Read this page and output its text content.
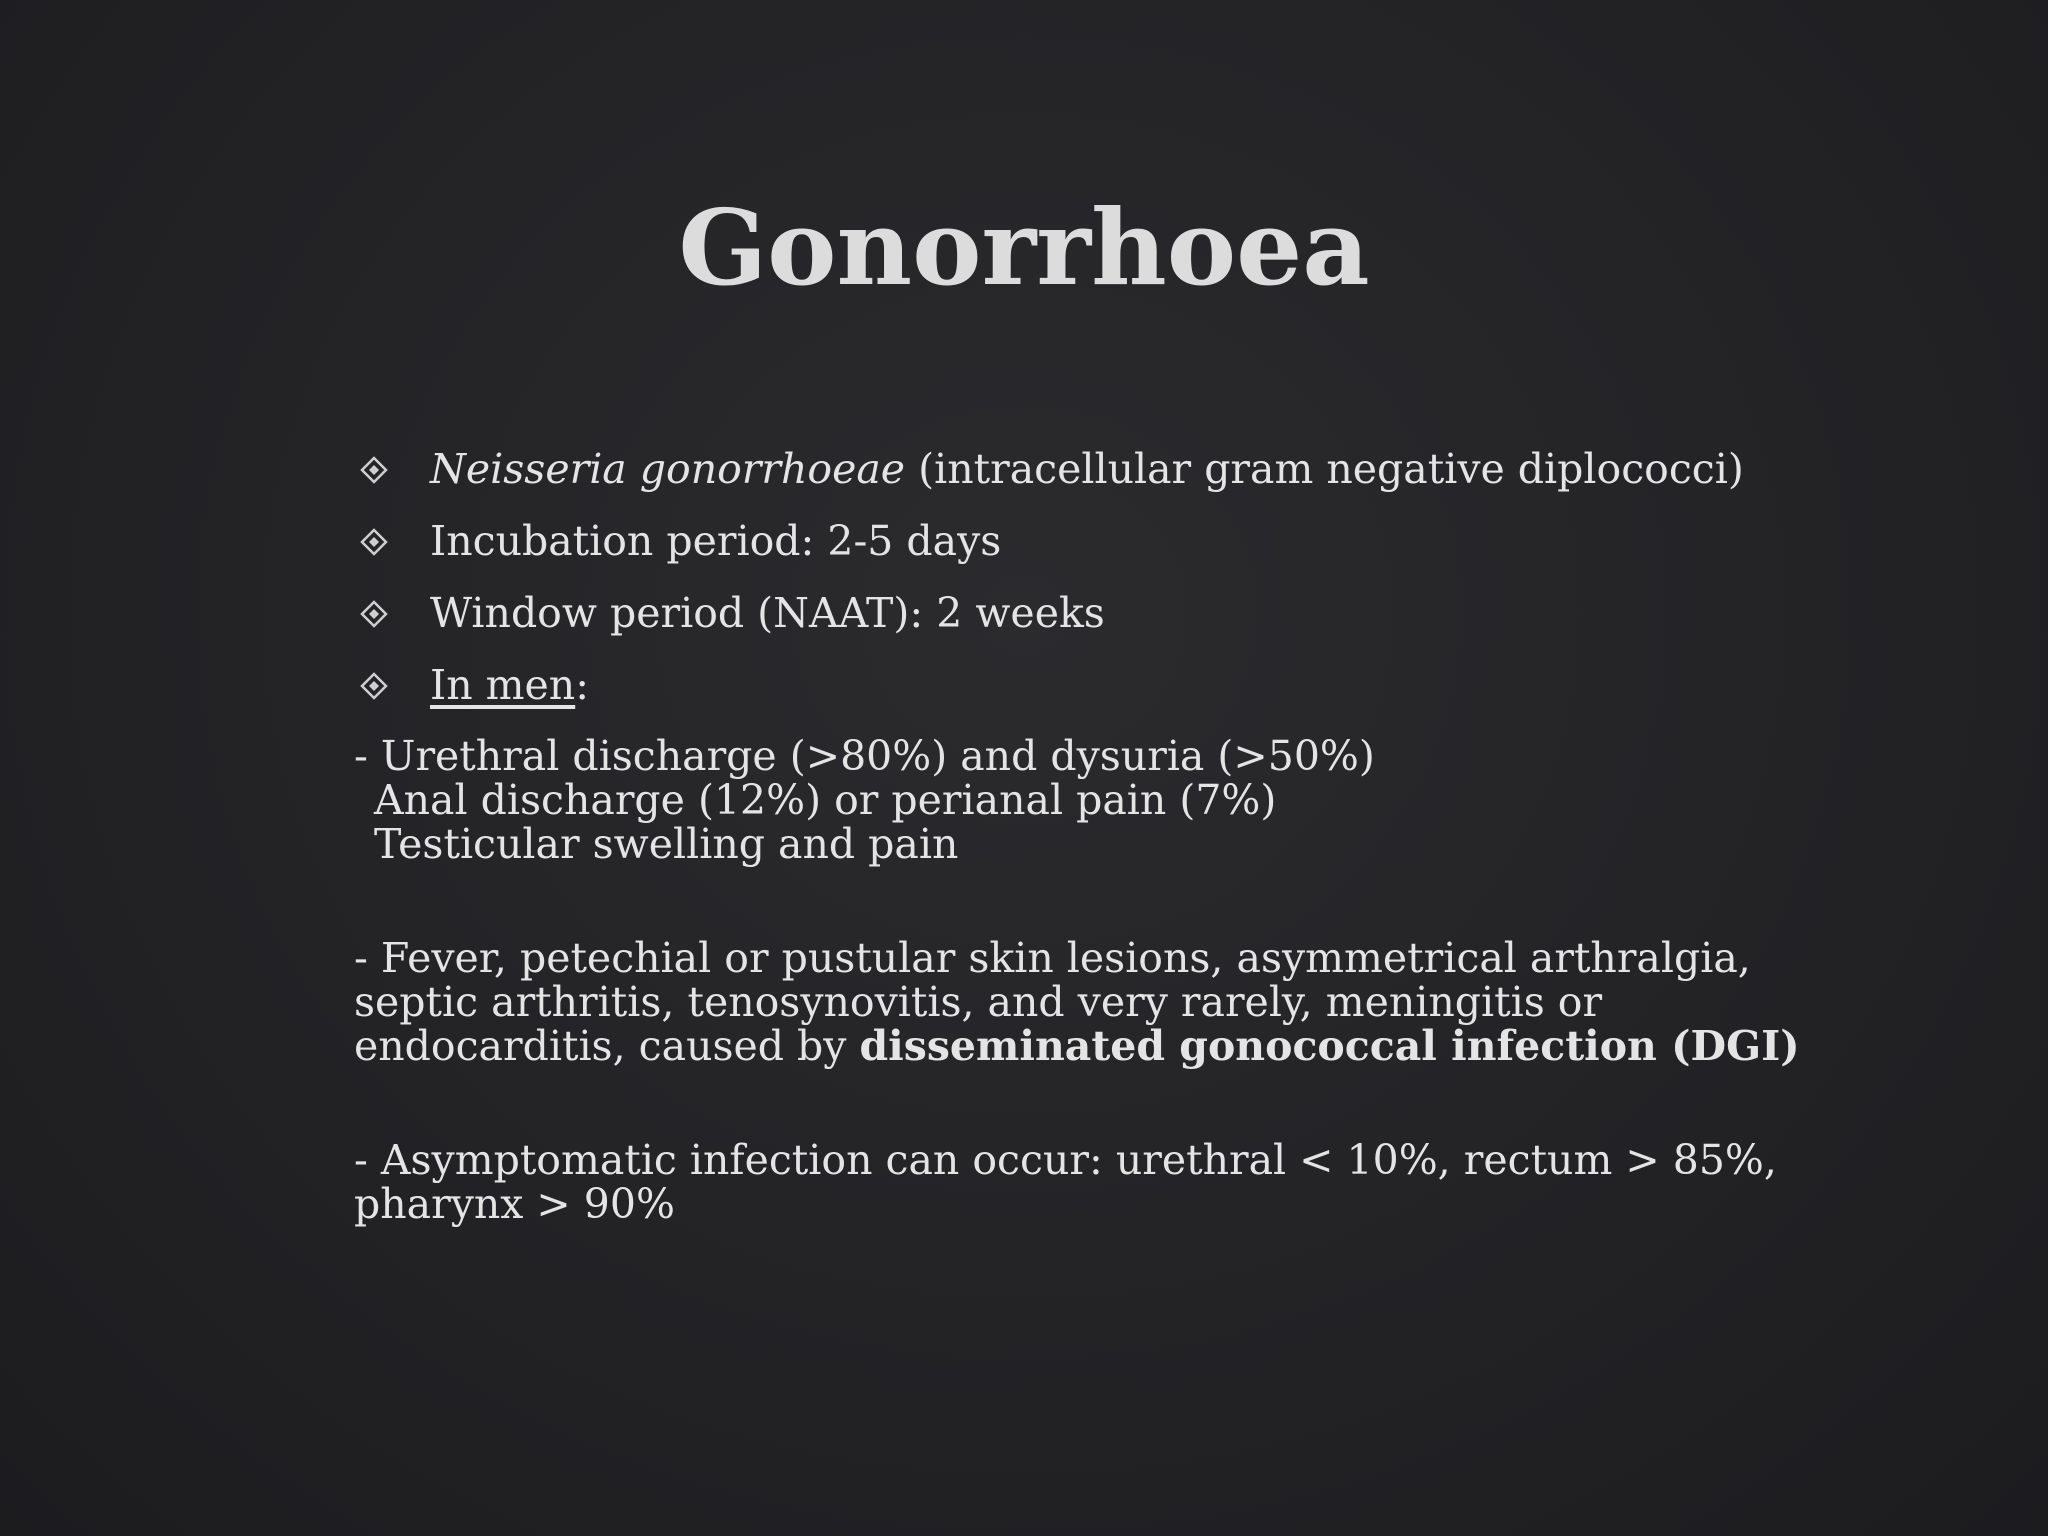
Gonorrhoea
Neisseria gonorrhoeae (intracellular gram negative diplococci)
Incubation period: 2-5 days
Window period (NAAT): 2 weeks
In men:
- Urethral discharge (>80%) and dysuria (>50%)
Anal discharge (12%) or perianal pain (7%)
Testicular swelling and pain
- Fever, petechial or pustular skin lesions, asymmetrical arthralgia,
septic arthritis, tenosynovitis, and very rarely, meningitis or
endocarditis, caused by disseminated gonococcal infection (DGI)
- Asymptomatic infection can occur: urethral < 10%, rectum > 85%,
pharynx > 90%
